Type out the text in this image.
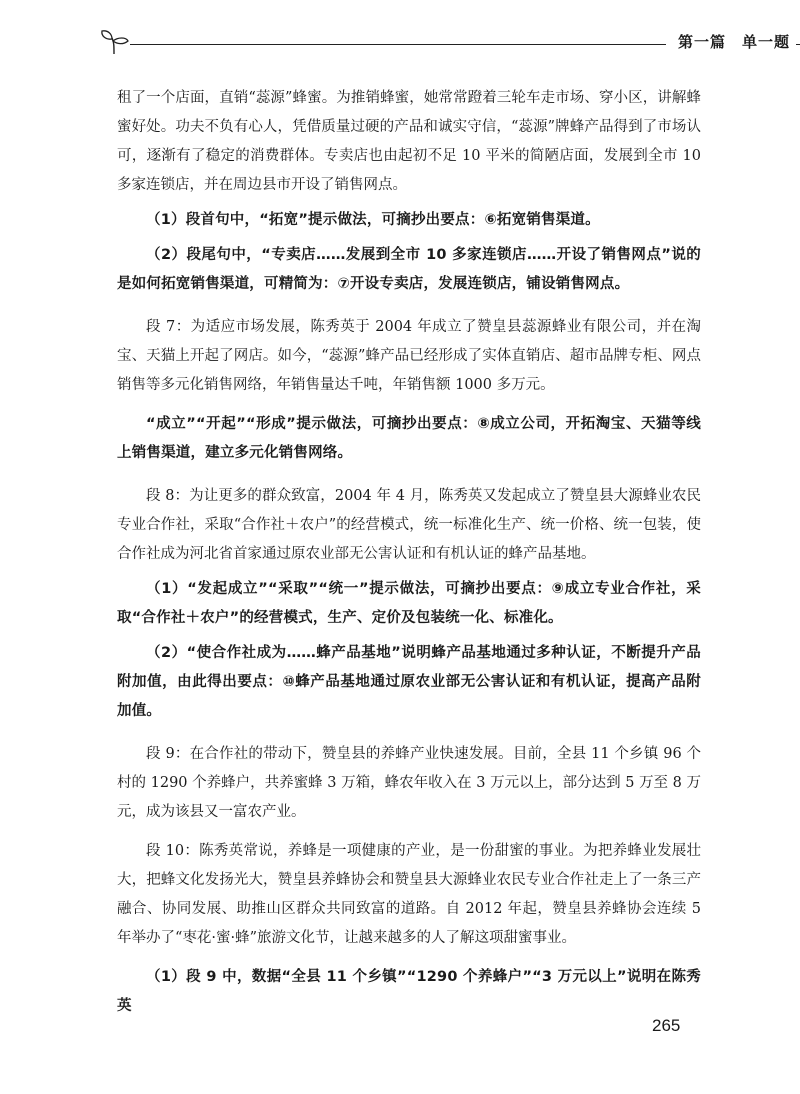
第一篇　单一题

租了一个店面，直销“蕊源”蜂蜜。为推销蜂蜜，她常常蹬着三轮车走市场、穿小区，讲解蜂蜜好处。功夫不负有心人，凭借质量过硬的产品和诚实守信，“蕊源”牌蜂产品得到了市场认可，逐渐有了稳定的消费群体。专卖店也由起初不足 10 平米的简陋店面，发展到全市 10 多家连锁店，并在周边县市开设了销售网点。

（1）段首句中，“拓宽”提示做法，可摘抄出要点：⑥拓宽销售渠道。

（2）段尾句中，“专卖店……发展到全市 10 多家连锁店……开设了销售网点”说的是如何拓宽销售渠道，可精简为：⑦开设专卖店，发展连锁店，铺设销售网点。

段 7：为适应市场发展，陈秀英于 2004 年成立了赞皇县蕊源蜂业有限公司，并在淘宝、天猫上开起了网店。如今，“蕊源”蜂产品已经形成了实体直销店、超市品牌专柜、网点销售等多元化销售网络，年销售量达千吨，年销售额 1000 多万元。

“成立”“开起”“形成”提示做法，可摘抄出要点：⑧成立公司，开拓淘宝、天猫等线上销售渠道，建立多元化销售网络。

段 8：为让更多的群众致富，2004 年 4 月，陈秀英又发起成立了赞皇县大源蜂业农民专业合作社，采取“合作社＋农户”的经营模式，统一标准化生产、统一价格、统一包装，使合作社成为河北省首家通过原农业部无公害认证和有机认证的蜂产品基地。

（1）“发起成立”“采取”“统一”提示做法，可摘抄出要点：⑨成立专业合作社，采取“合作社＋农户”的经营模式，生产、定价及包装统一化、标准化。

（2）“使合作社成为……蜂产品基地”说明蜂产品基地通过多种认证，不断提升产品附加值，由此得出要点：⑩蜂产品基地通过原农业部无公害认证和有机认证，提高产品附加值。

段 9：在合作社的带动下，赞皇县的养蜂产业快速发展。目前，全县 11 个乡镇 96 个村的 1290 个养蜂户，共养蜜蜂 3 万箱，蜂农年收入在 3 万元以上，部分达到 5 万至 8 万元，成为该县又一富农产业。

段 10：陈秀英常说，养蜂是一项健康的产业，是一份甜蜜的事业。为把养蜂业发展壮大，把蜂文化发扬光大，赞皇县养蜂协会和赞皇县大源蜂业农民专业合作社走上了一条三产融合、协同发展、助推山区群众共同致富的道路。自 2012 年起，赞皇县养蜂协会连续 5 年举办了“枣花·蜜·蜂”旅游文化节，让越来越多的人了解这项甜蜜事业。

（1）段 9 中，数据“全县 11 个乡镇”“1290 个养蜂户”“3 万元以上”说明在陈秀英

265
